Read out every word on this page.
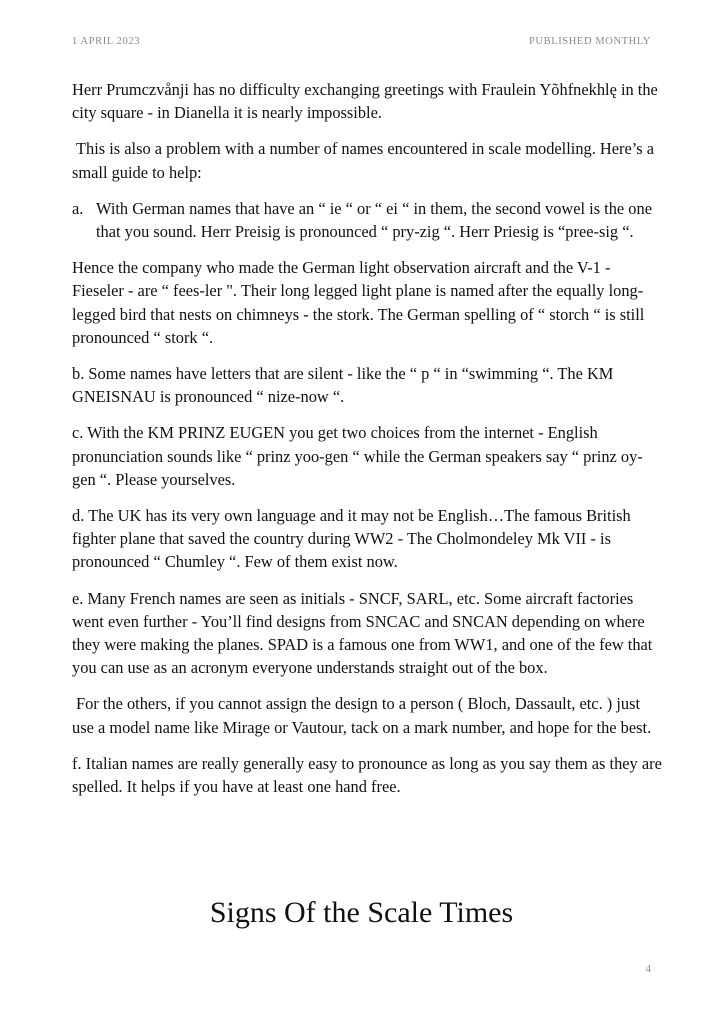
1 APRIL 2023	PUBLISHED MONTHLY

Herr Prumczvånji has no difficulty exchanging greetings with Fraulein Yõhfnekhlę in the city square - in Dianella it is nearly impossible.

This is also a problem with a number of names encountered in scale modelling. Here’s a small guide to help:

a. With German names that have an “ ie “ or “ ei “ in them, the second vowel is the one that you sound. Herr Preisig is pronounced “ pry-zig “. Herr Priesig is “pree-sig “.

Hence the company who made the German light observation aircraft and the V-1 - Fieseler - are “ fees-ler ". Their long legged light plane is named after the equally long-legged bird that nests on chimneys - the stork. The German spelling of “ storch “ is still pronounced “ stork “.

b. Some names have letters that are silent - like the “ p “ in “swimming “. The KM GNEISNAU is pronounced “ nize-now “.

c. With the KM PRINZ EUGEN you get two choices from the internet - English pronunciation sounds like “ prinz yoo-gen “ while the German speakers say “ prinz oy-gen “. Please yourselves.

d. The UK has its very own language and it may not be English…The famous British fighter plane that saved the country during WW2 - The Cholmondeley Mk VII - is pronounced “ Chumley “. Few of them exist now.

e. Many French names are seen as initials - SNCF, SARL, etc. Some aircraft factories went even further - You’ll find designs from SNCAC and SNCAN depending on where they were making the planes. SPAD is a famous one from WW1, and one of the few that you can use as an acronym everyone understands straight out of the box.

For the others, if you cannot assign the design to a person ( Bloch, Dassault, etc. ) just use a model name like Mirage or Vautour, tack on a mark number, and hope for the best.

f. Italian names are really generally easy to pronounce as long as you say them as they are spelled. It helps if you have at least one hand free.

Signs Of the Scale Times
4
